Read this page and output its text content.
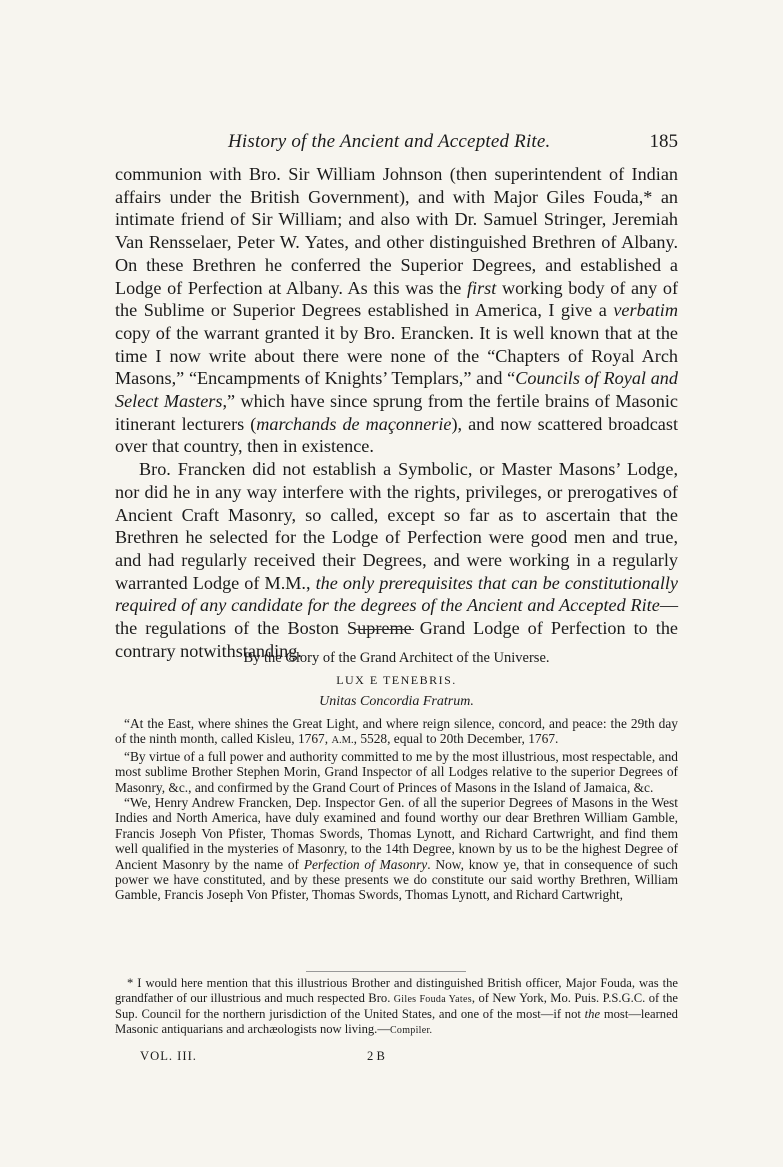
History of the Ancient and Accepted Rite.	185

communion with Bro. Sir William Johnson (then superintendent of Indian affairs under the British Government), and with Major Giles Fouda,* an intimate friend of Sir William; and also with Dr. Samuel Stringer, Jeremiah Van Rensselaer, Peter W. Yates, and other distinguished Brethren of Albany. On these Brethren he conferred the Superior Degrees, and established a Lodge of Perfection at Albany. As this was the first working body of any of the Sublime or Superior Degrees established in America, I give a verbatim copy of the warrant granted it by Bro. Erancken. It is well known that at the time I now write about there were none of the “Chapters of Royal Arch Masons,” “Encampments of Knights’ Templars,” and “Councils of Royal and Select Masters,” which have since sprung from the fertile brains of Masonic itinerant lecturers (marchands de maçonnerie), and now scattered broadcast over that country, then in existence.

Bro. Francken did not establish a Symbolic, or Master Masons’ Lodge, nor did he in any way interfere with the rights, privileges, or prerogatives of Ancient Craft Masonry, so called, except so far as to ascertain that the Brethren he selected for the Lodge of Perfection were good men and true, and had regularly received their Degrees, and were working in a regularly warranted Lodge of M.M., the only prerequisites that can be constitutionally required of any candidate for the degrees of the Ancient and Accepted Rite—the regulations of the Boston Supreme Grand Lodge of Perfection to the contrary notwithstanding.

By the Glory of the Grand Architect of the Universe.
LUX E TENEBRIS.
Unitas Concordia Fratrum.

“At the East, where shines the Great Light, and where reign silence, concord, and peace: the 29th day of the ninth month, called Kisleu, 1767, A.M., 5528, equal to 20th December, 1767.

“By virtue of a full power and authority committed to me by the most illustrious, most respectable, and most sublime Brother Stephen Morin, Grand Inspector of all Lodges relative to the superior Degrees of Masonry, &c., and confirmed by the Grand Court of Princes of Masons in the Island of Jamaica, &c.

“We, Henry Andrew Francken, Dep. Inspector Gen. of all the superior Degrees of Masons in the West Indies and North America, have duly examined and found worthy our dear Brethren William Gamble, Francis Joseph Von Pfister, Thomas Swords, Thomas Lynott, and Richard Cartwright, and find them well qualified in the mysteries of Masonry, to the 14th Degree, known by us to be the highest Degree of Ancient Masonry by the name of Perfection of Masonry. Now, know ye, that in consequence of such power we have constituted, and by these presents we do constitute our said worthy Brethren, William Gamble, Francis Joseph Von Pfister, Thomas Swords, Thomas Lynott, and Richard Cartwright,

* I would here mention that this illustrious Brother and distinguished British officer, Major Fouda, was the grandfather of our illustrious and much respected Bro. Giles Fouda Yates, of New York, Mo. Puis. P.S.G.C. of the Sup. Council for the northern jurisdiction of the United States, and one of the most—if not the most—learned Masonic antiquarians and archæologists now living.—Compiler.

VOL. III.	2 B
